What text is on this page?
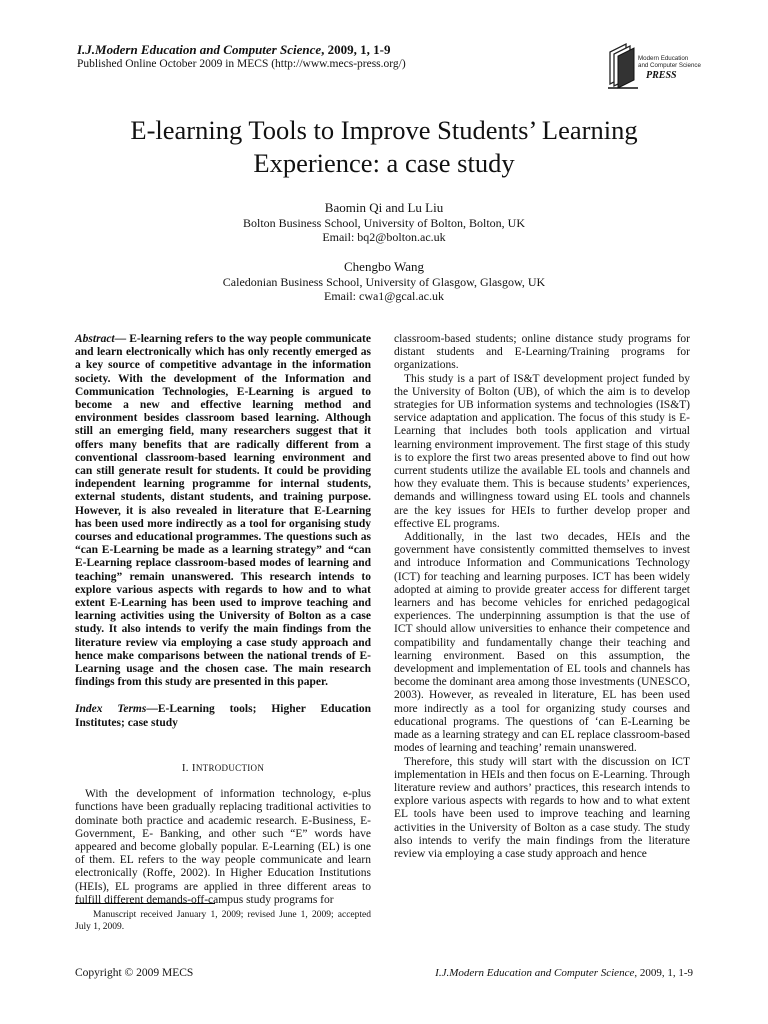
I.J.Modern Education and Computer Science, 2009, 1, 1-9
Published Online October 2009 in MECS (http://www.mecs-press.org/)	Modern Education
and Computer Science
PRESS
E-learning Tools to Improve Students’ Learning
Experience: a case study
Baomin Qi and Lu Liu
Bolton Business School, University of Bolton, Bolton, UK
Email: bq2@bolton.ac.uk
Chengbo Wang
Caledonian Business School, University of Glasgow, Glasgow, UK
Email: cwa1@gcal.ac.uk

Abstract— E-learning refers to the way people communicate and learn electronically which has only recently emerged as a key source of competitive advantage in the information society. With the development of the Information and Communication Technologies, E-Learning is argued to become a new and effective learning method and environment besides classroom based learning. Although still an emerging field, many researchers suggest that it offers many benefits that are radically different from a conventional classroom-based learning environment and can still generate result for students. It could be providing independent learning programme for internal students, external students, distant students, and training purpose. However, it is also revealed in literature that E-Learning has been used more indirectly as a tool for organising study courses and educational programmes. The questions such as “can E-Learning be made as a learning strategy” and “can E-Learning replace classroom-based modes of learning and teaching” remain unanswered. This research intends to explore various aspects with regards to how and to what extent E-Learning has been used to improve teaching and learning activities using the University of Bolton as a case study. It also intends to verify the main findings from the literature review via employing a case study approach and hence make comparisons between the national trends of E-Learning usage and the chosen case. The main research findings from this study are presented in this paper.

Index Terms—E-Learning tools; Higher Education Institutes; case study

I. INTRODUCTION

With the development of information technology, e-plus functions have been gradually replacing traditional activities to dominate both practice and academic research. E-Business, E-Government, E- Banking, and other such “E” words have appeared and become globally popular. E-Learning (EL) is one of them. EL refers to the way people communicate and learn electronically (Roffe, 2002). In Higher Education Institutions (HEIs), EL programs are applied in three different areas to fulfill different demands-off-campus study programs for

Manuscript received January 1, 2009; revised June 1, 2009; accepted July 1, 2009.

classroom-based students; online distance study programs for distant students and E-Learning/Training programs for organizations.

This study is a part of IS&T development project funded by the University of Bolton (UB), of which the aim is to develop strategies for UB information systems and technologies (IS&T) service adaptation and application. The focus of this study is E-Learning that includes both tools application and virtual learning environment improvement. The first stage of this study is to explore the first two areas presented above to find out how current students utilize the available EL tools and channels and how they evaluate them. This is because students’ experiences, demands and willingness toward using EL tools and channels are the key issues for HEIs to further develop proper and effective EL programs.

Additionally, in the last two decades, HEIs and the government have consistently committed themselves to invest and introduce Information and Communications Technology (ICT) for teaching and learning purposes. ICT has been widely adopted at aiming to provide greater access for different target learners and has become vehicles for enriched pedagogical experiences. The underpinning assumption is that the use of ICT should allow universities to enhance their competence and compatibility and fundamentally change their teaching and learning environment. Based on this assumption, the development and implementation of EL tools and channels has become the dominant area among those investments (UNESCO, 2003). However, as revealed in literature, EL has been used more indirectly as a tool for organizing study courses and educational programs. The questions of ‘can E-Learning be made as a learning strategy and can EL replace classroom-based modes of learning and teaching’ remain unanswered.

Therefore, this study will start with the discussion on ICT implementation in HEIs and then focus on E-Learning. Through literature review and authors’ practices, this research intends to explore various aspects with regards to how and to what extent EL tools have been used to improve teaching and learning activities in the University of Bolton as a case study. The study also intends to verify the main findings from the literature review via employing a case study approach and hence

Copyright © 2009 MECS	I.J.Modern Education and Computer Science, 2009, 1, 1-9
